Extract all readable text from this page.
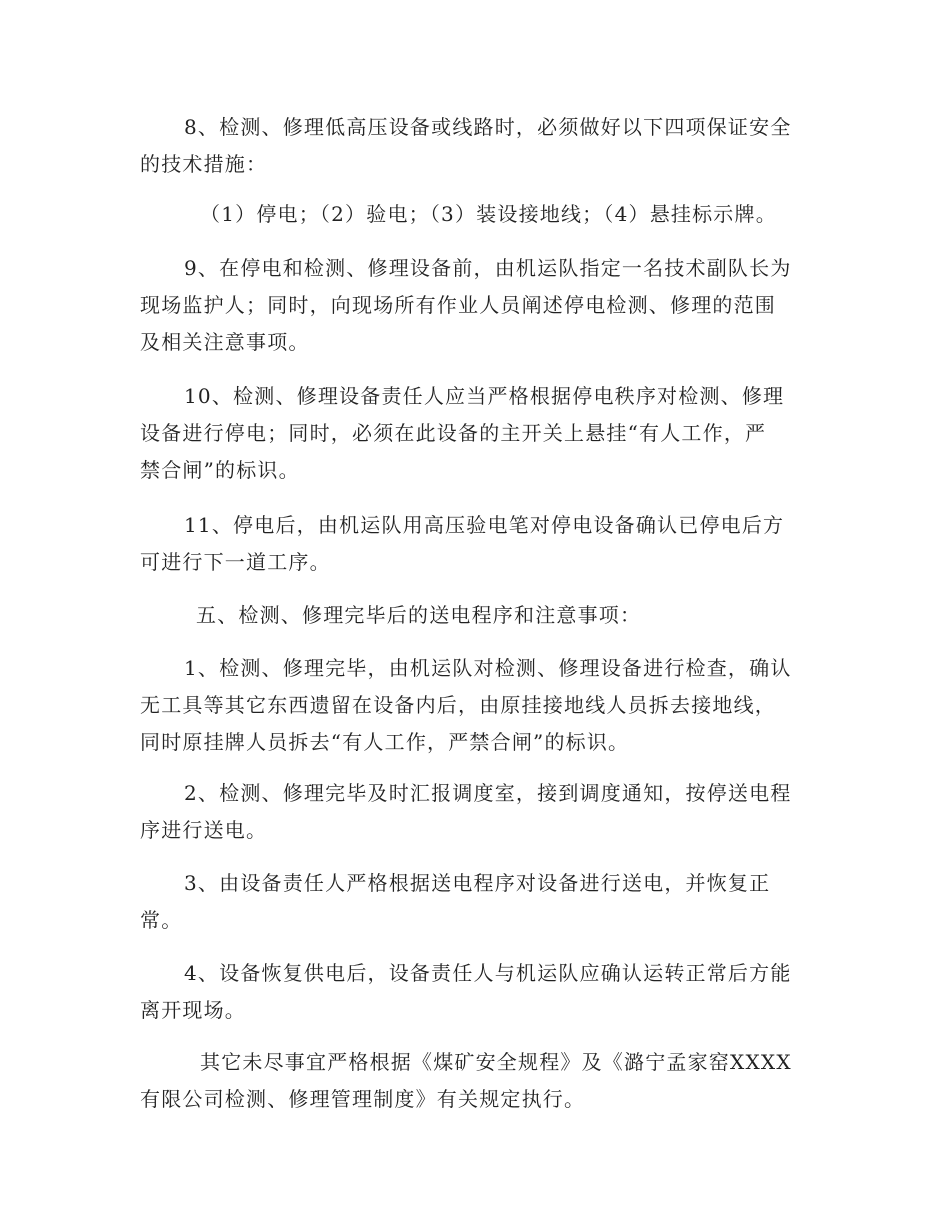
8、检测、修理低高压设备或线路时，必须做好以下四项保证安全
的技术措施：

（1）停电；（2）验电；（3）装设接地线；（4）悬挂标示牌。

9、在停电和检测、修理设备前，由机运队指定一名技术副队长为
现场监护人；同时，向现场所有作业人员阐述停电检测、修理的范围
及相关注意事项。

10、检测、修理设备责任人应当严格根据停电秩序对检测、修理
设备进行停电；同时，必须在此设备的主开关上悬挂“有人工作，严
禁合闸”的标识。

11、停电后，由机运队用高压验电笔对停电设备确认已停电后方
可进行下一道工序。

五、检测、修理完毕后的送电程序和注意事项：

1、检测、修理完毕，由机运队对检测、修理设备进行检查，确认
无工具等其它东西遗留在设备内后，由原挂接地线人员拆去接地线，
同时原挂牌人员拆去“有人工作，严禁合闸”的标识。

2、检测、修理完毕及时汇报调度室，接到调度通知，按停送电程
序进行送电。

3、由设备责任人严格根据送电程序对设备进行送电，并恢复正
常。

4、设备恢复供电后，设备责任人与机运队应确认运转正常后方能
离开现场。

其它未尽事宜严格根据《煤矿安全规程》及《潞宁孟家窑XXXX
有限公司检测、修理管理制度》有关规定执行。
